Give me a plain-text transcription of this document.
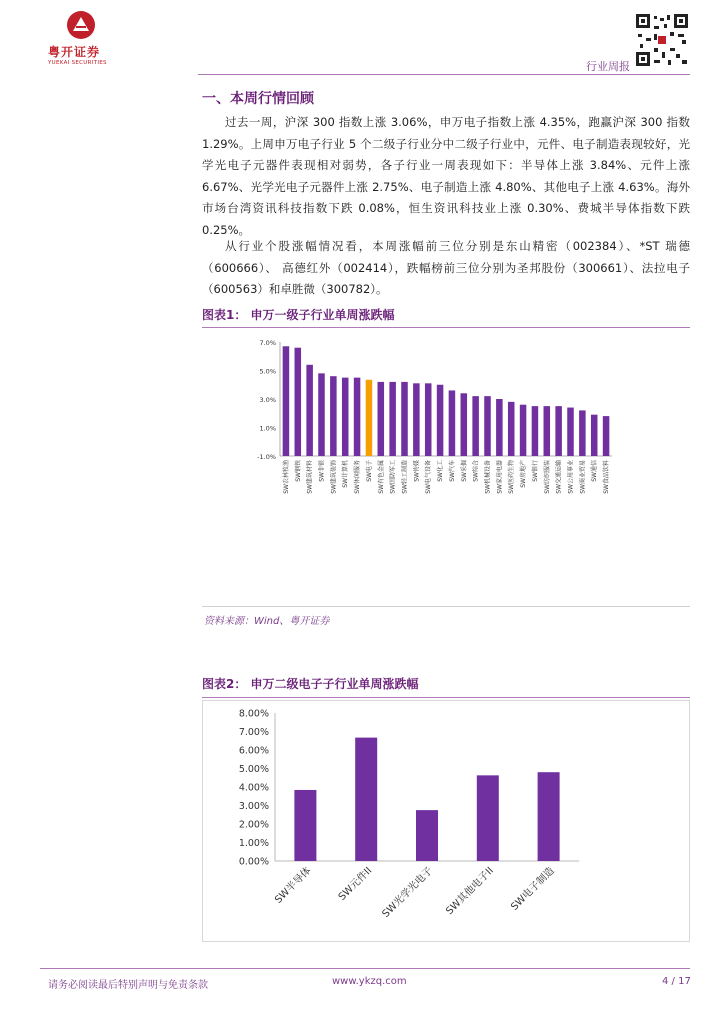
粤开证券
YUEKAI SECURITIES	行业周报
一、本周行情回顾
过去一周，沪深 300 指数上涨 3.06%，申万电子指数上涨 4.35%，跑赢沪深 300 指数 1.29%。上周申万电子行业 5 个二级子行业分中二级子行业中，元件、电子制造表现较好，光学光电子元器件表现相对弱势，各子行业一周表现如下：半导体上涨 3.84%、元件上涨 6.67%、光学光电子元器件上涨 2.75%、电子制造上涨 4.80%、其他电子上涨 4.63%。海外市场台湾资讯科技指数下跌 0.08%，恒生资讯科技业上涨 0.30%、费城半导体指数下跌 0.25%。
从行业个股涨幅情况看，本周涨幅前三位分别是东山精密（002384）、*ST 瑞德（600666）、 高德红外（002414），跌幅榜前三位分别为圣邦股份（300661）、法拉电子（600563）和卓胜微（300782）。
图表1： 申万一级子行业单周涨跌幅
7.0%
5.0%
3.0%
1.0%
-1.0%
SW农林牧渔 SW钢铁 SW建筑材料 SW非银 SW建筑装饰 SW计算机 SW休闲服务 SW电子 SW有色金属 SW国防军工 SW轻工制造 SW传媒 SW电气设备 SW化工 SW汽车 SW采掘 SW综合 SW机械设备 SW家用电器 SW医药生物 SW房地产 SW银行 SW纺织服装 SW交通运输 SW公用事业 SW商业贸易 SW通信 SW食品饮料
资料来源：Wind、粤开证券
图表2： 申万二级电子子行业单周涨跌幅
8.00%
7.00%
6.00%
5.00%
4.00%
3.00%
2.00%
1.00%
0.00%
SW半导体 SW元件II SW光学光电子 SW其他电子II SW电子制造
请务必阅读最后特别声明与免责条款	www.ykzq.com	4 / 17
